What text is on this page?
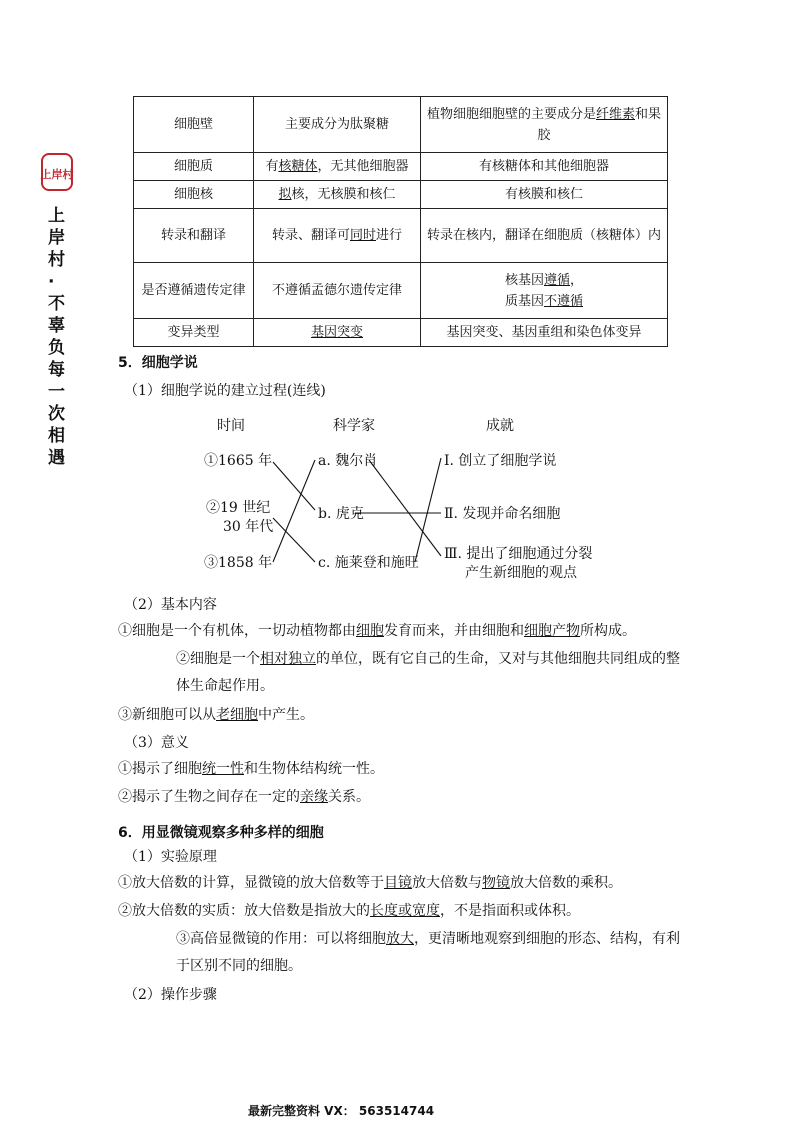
上岸村
上岸村·不辜负每一次相遇
细胞壁	主要成分为肽聚糖	植物细胞细胞壁的主要成分是纤维素和果胶
细胞质	有核糖体，无其他细胞器	有核糖体和其他细胞器
细胞核	拟核，无核膜和核仁	有核膜和核仁
转录和翻译	转录、翻译可同时进行	转录在核内，翻译在细胞质（核糖体）内
是否遵循遗传定律	不遵循孟德尔遗传定律	核基因遵循，
质基因不遵循
变异类型	基因突变	基因突变、基因重组和染色体变异
5．细胞学说
（1）细胞学说的建立过程(连线)
时间	科学家	成就
①1665 年
②19 世纪
30 年代
③1858 年
a. 魏尔肖
b. 虎克
c. 施莱登和施旺
Ⅰ. 创立了细胞学说
Ⅱ. 发现并命名细胞
Ⅲ. 提出了细胞通过分裂
产生新细胞的观点
（2）基本内容
①细胞是一个有机体，一切动植物都由细胞发育而来，并由细胞和细胞产物所构成。
②细胞是一个相对独立的单位，既有它自己的生命，又对与其他细胞共同组成的整
体生命起作用。
③新细胞可以从老细胞中产生。
（3）意义
①揭示了细胞统一性和生物体结构统一性。
②揭示了生物之间存在一定的亲缘关系。
6．用显微镜观察多种多样的细胞
（1）实验原理
①放大倍数的计算，显微镜的放大倍数等于目镜放大倍数与物镜放大倍数的乘积。
②放大倍数的实质：放大倍数是指放大的长度或宽度，不是指面积或体积。
③高倍显微镜的作用：可以将细胞放大，更清晰地观察到细胞的形态、结构，有利
于区别不同的细胞。
（2）操作步骤
最新完整资料 VX： 563514744
